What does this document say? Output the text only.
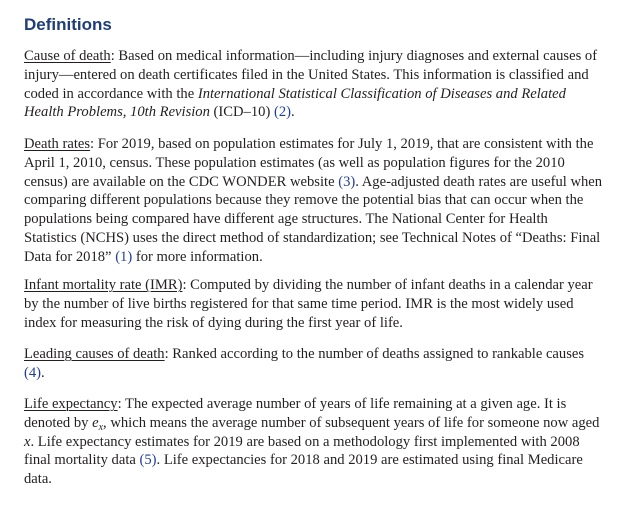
Definitions

Cause of death: Based on medical information—including injury diagnoses and external causes of injury—entered on death certificates filed in the United States. This information is classified and coded in accordance with the International Statistical Classification of Diseases and Related Health Problems, 10th Revision (ICD–10) (2).

Death rates: For 2019, based on population estimates for July 1, 2019, that are consistent with the April 1, 2010, census. These population estimates (as well as population figures for the 2010 census) are available on the CDC WONDER website (3). Age-adjusted death rates are useful when comparing different populations because they remove the potential bias that can occur when the populations being compared have different age structures. The National Center for Health Statistics (NCHS) uses the direct method of standardization; see Technical Notes of “Deaths: Final Data for 2018” (1) for more information.

Infant mortality rate (IMR): Computed by dividing the number of infant deaths in a calendar year by the number of live births registered for that same time period. IMR is the most widely used index for measuring the risk of dying during the first year of life.

Leading causes of death: Ranked according to the number of deaths assigned to rankable causes (4).

Life expectancy: The expected average number of years of life remaining at a given age. It is denoted by $e_x$, which means the average number of subsequent years of life for someone now aged x. Life expectancy estimates for 2019 are based on a methodology first implemented with 2008 final mortality data (5). Life expectancies for 2018 and 2019 are estimated using final Medicare data.
